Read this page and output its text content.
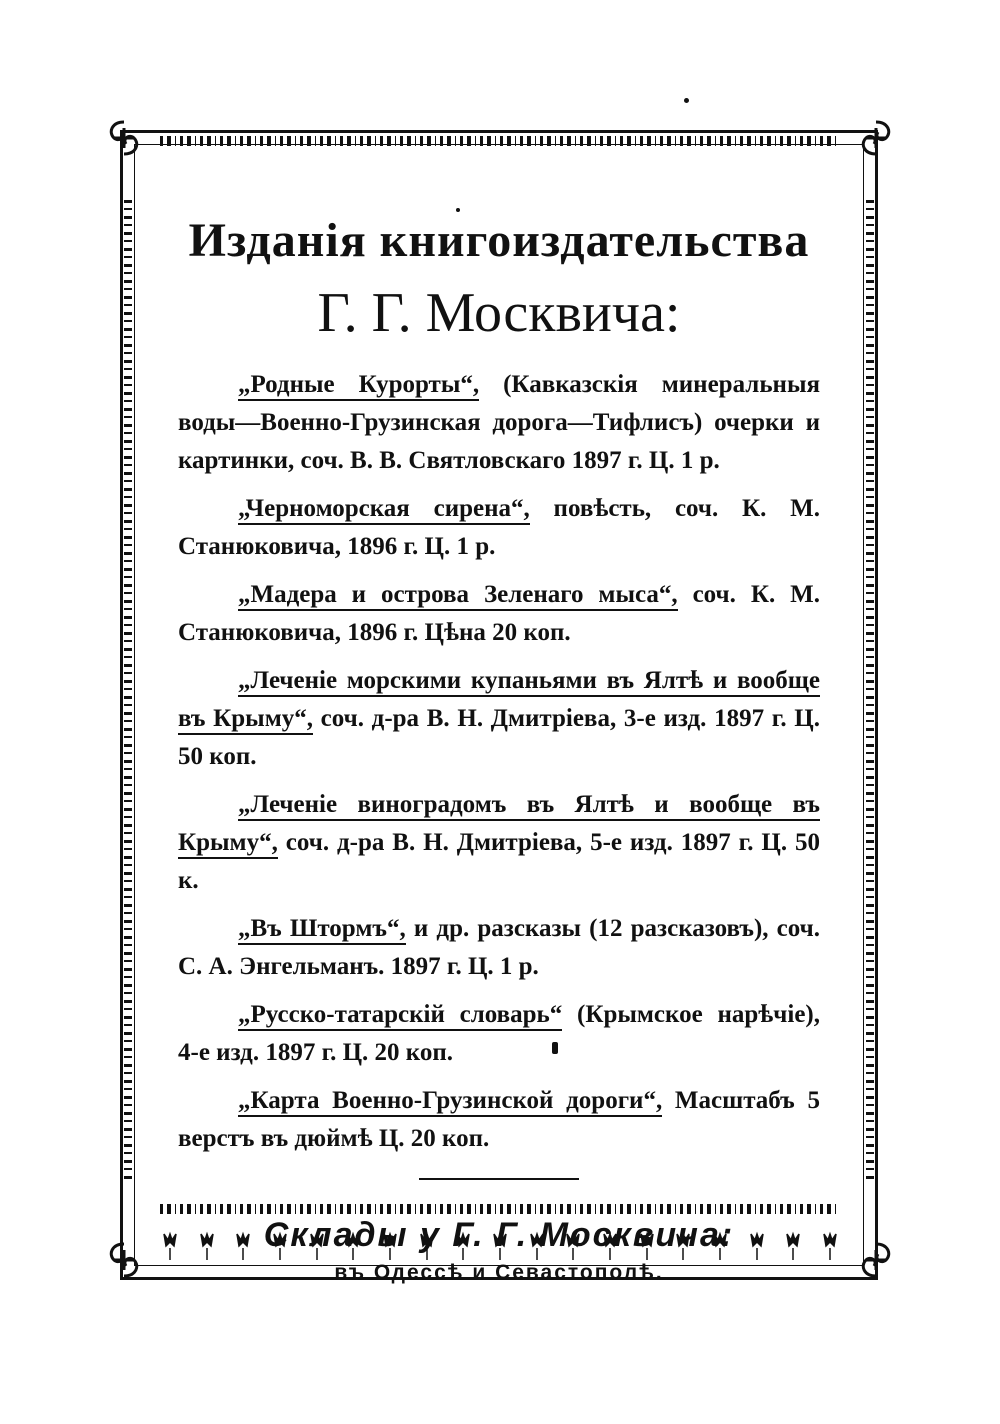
Изданія книгоиздательства
Г. Г. Москвича:

„Родные Курорты“, (Кавказскія минеральныя воды—Военно-Грузинская дорога—Тифлисъ) очерки и картинки, соч. В. В. Святловскаго 1897 г. Ц. 1 р.

„Черноморская сирена“, повѣсть, соч. К. М. Станюковича, 1896 г. Ц. 1 р.

„Мадера и острова Зеленаго мыса“, соч. К. М. Станюковича, 1896 г. Цѣна 20 коп.

„Леченіе морскими купаньями въ Ялтѣ и вообще въ Крыму“, соч. д-ра В. Н. Дмитріева, 3-е изд. 1897 г. Ц. 50 коп.

„Леченіе виноградомъ въ Ялтѣ и вообще въ Крыму“, соч. д-ра В. Н. Дмитріева, 5-е изд. 1897 г. Ц. 50 к.

„Въ Штормъ“, и др. разсказы (12 разсказовъ), соч. С. А. Энгельманъ. 1897 г. Ц. 1 р.

„Русско-татарскій словарь“ (Крымское нарѣчіе), 4-е изд. 1897 г. Ц. 20 коп.

„Карта Военно-Грузинской дороги“, Масштабъ 5 верстъ въ дюймѣ Ц. 20 коп.

Склады у Г. Г. Москвича:

въ Одессѣ и Севастополѣ.
